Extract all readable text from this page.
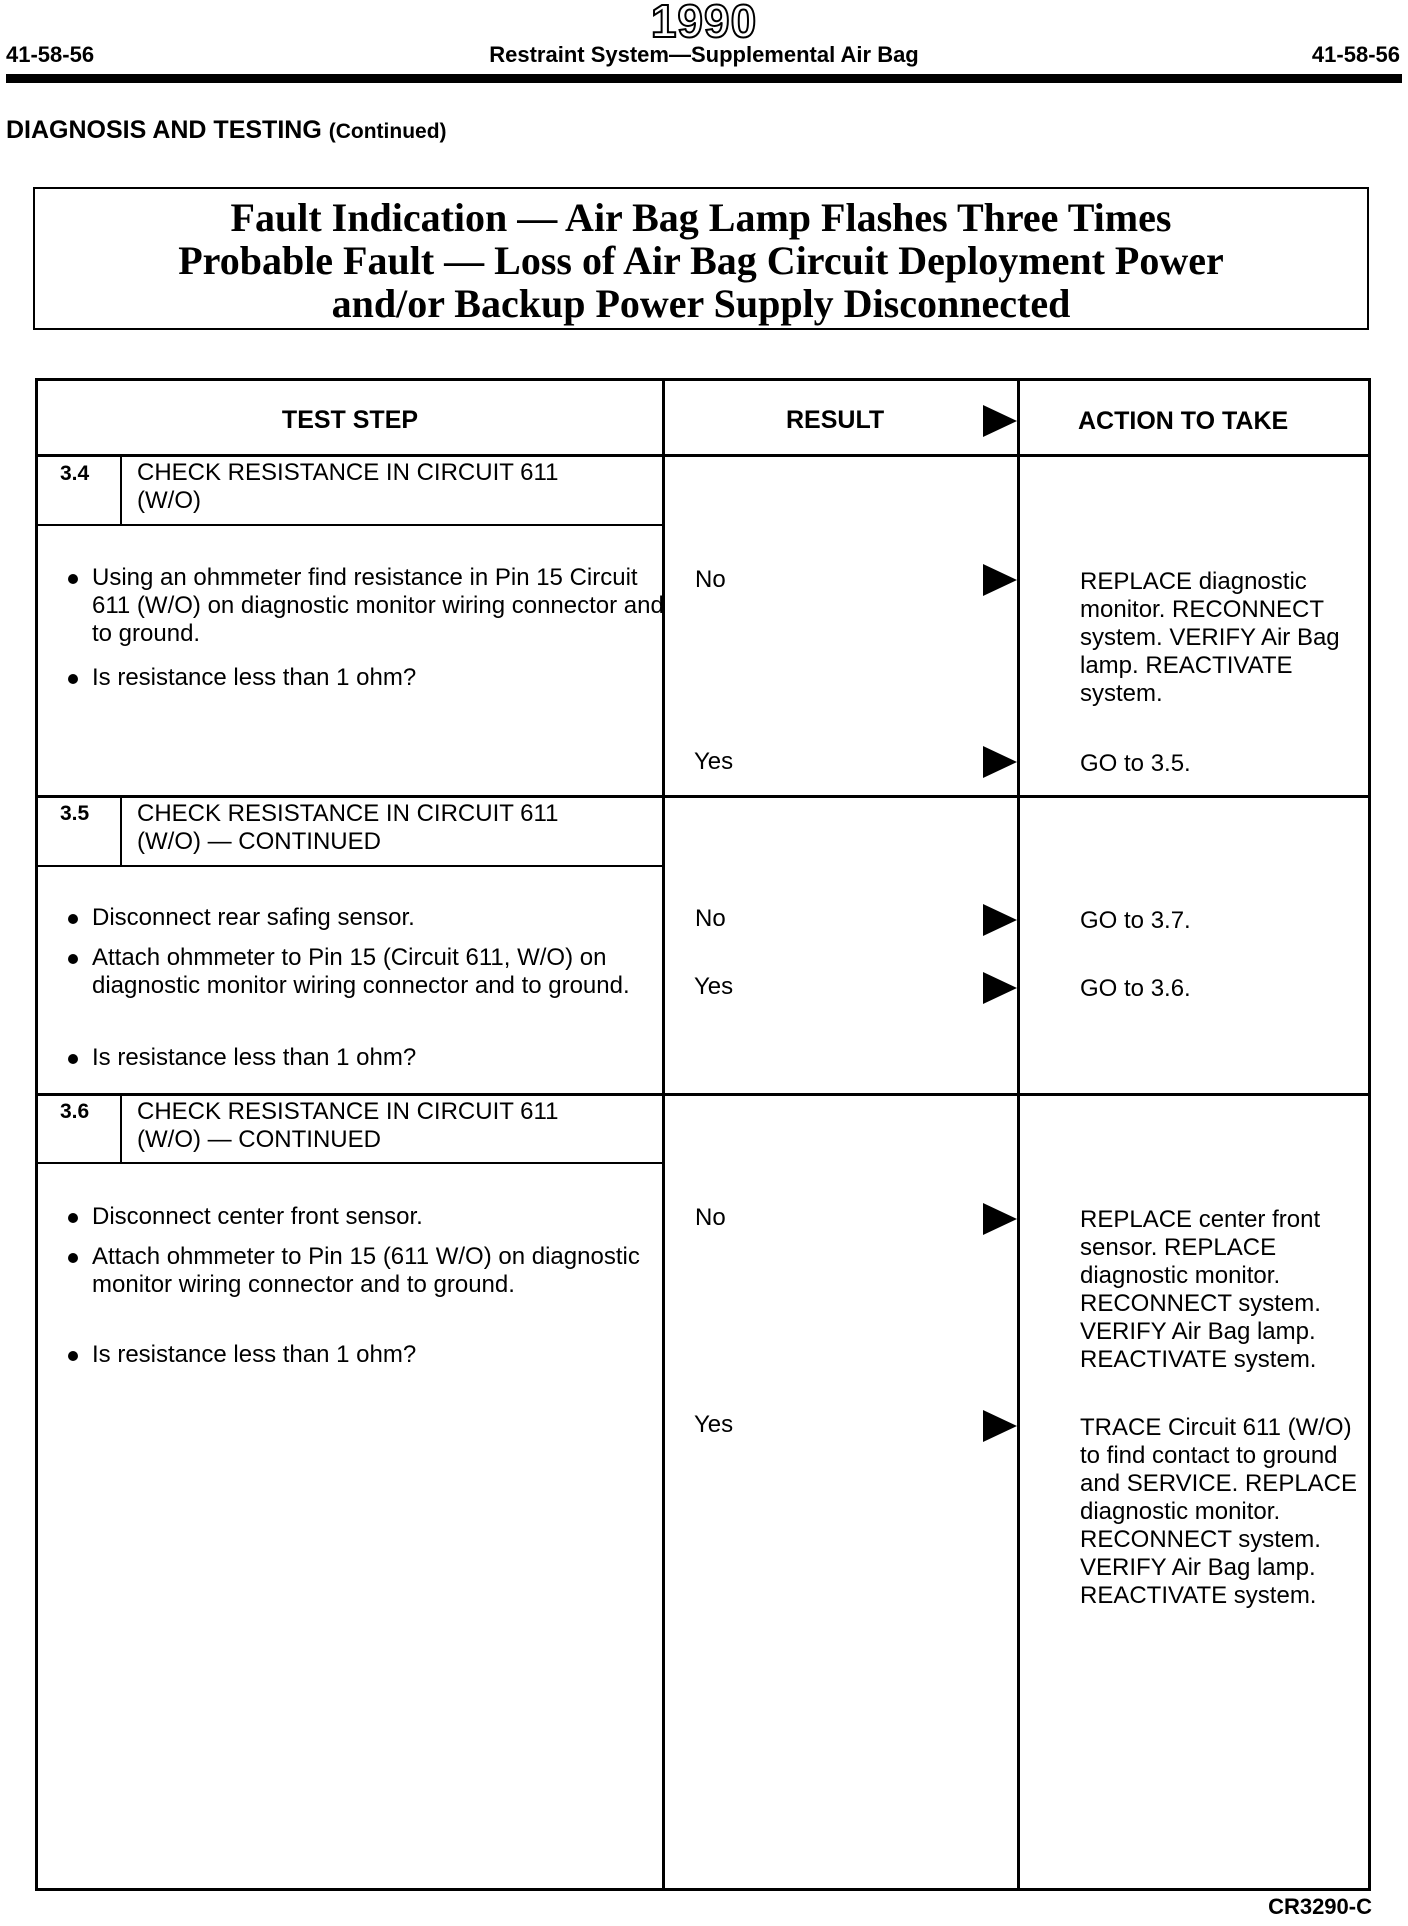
1990
41-58-56	Restraint System—Supplemental Air Bag	41-58-56
DIAGNOSIS AND TESTING (Continued)
Fault Indication — Air Bag Lamp Flashes Three Times
Probable Fault — Loss of Air Bag Circuit Deployment Power
and/or Backup Power Supply Disconnected
TEST STEP	RESULT	ACTION TO TAKE
3.4 CHECK RESISTANCE IN CIRCUIT 611
(W/O)
Using an ohmmeter find resistance in Pin 15 Circuit 611 (W/O) on diagnostic monitor wiring connector and to ground.
Is resistance less than 1 ohm?
No	REPLACE diagnostic monitor. RECONNECT system. VERIFY Air Bag lamp. REACTIVATE system.
Yes	GO to 3.5.
3.5 CHECK RESISTANCE IN CIRCUIT 611
(W/O) — CONTINUED
Disconnect rear safing sensor.
Attach ohmmeter to Pin 15 (Circuit 611, W/O) on diagnostic monitor wiring connector and to ground.
Is resistance less than 1 ohm?
No	GO to 3.7.
Yes	GO to 3.6.
3.6 CHECK RESISTANCE IN CIRCUIT 611
(W/O) — CONTINUED
Disconnect center front sensor.
Attach ohmmeter to Pin 15 (611 W/O) on diagnostic monitor wiring connector and to ground.
Is resistance less than 1 ohm?
No	REPLACE center front sensor. REPLACE diagnostic monitor. RECONNECT system. VERIFY Air Bag lamp. REACTIVATE system.
Yes	TRACE Circuit 611 (W/O) to find contact to ground and SERVICE. REPLACE diagnostic monitor. RECONNECT system. VERIFY Air Bag lamp. REACTIVATE system.
CR3290-C
